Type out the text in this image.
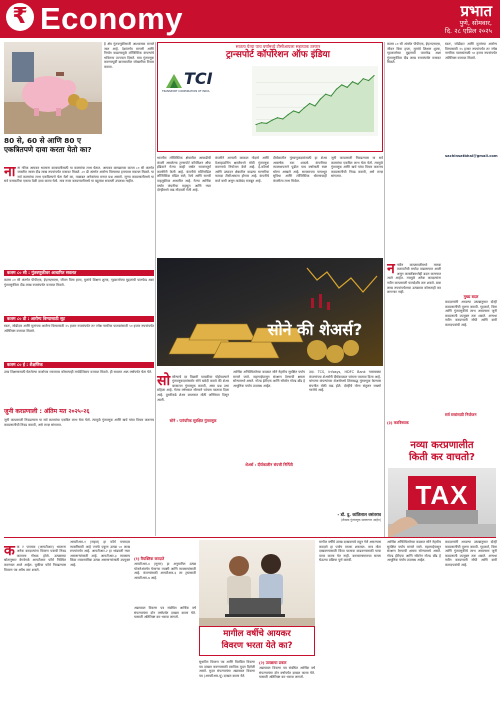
₹ Economy	प्रभात
पुणे, सोमवार,
दि. २८ एप्रिल २०२५
हे क्षेत्र गुंतवणुकीसाठी आश्वासक मानले जात आहे. देशांतर्गत मागणी आणि निर्यात वाढल्यामुळे लॉजिस्टिक कंपन्यांचे भवितव्य उज्ज्वल दिसते. मात्र गुंतवणूक करण्यापूर्वी बाजारातील जोखमींचा विचार करावा.
80 से, 60 से आणि 80 ए
एकत्रितपणे दावा करता येतो का?

नाना गरिक आयकर भरताना करबचतीसाठी या कलमांचा लाभ घेतात. आयकर कायद्याच्या कलम ८० सी अंतर्गत जास्तीत जास्त दीड लाख रुपयांपर्यंत वजावट मिळते. ८० डी अंतर्गत आरोग्य विम्याच्या हप्त्यावर सवलत मिळते. या सर्व कलमांचा लाभ एकत्रितपणे घेता येतो का, याबाबत अनेकांच्या मनात प्रश्न असतो. जुन्या करप्रणालीमध्ये या सर्व वजावटींचा एकाच वेळी दावा करता येतो. मात्र नव्या करप्रणालीमध्ये या बहुतांश सवलती उपलब्ध नाहीत.

कलम ८० सी : गुंतवणुकीवर आधारित सवलत
कलम ८० सी अंतर्गत पीपीएफ, ईएलएसएस, जीवन विमा हप्ता, मुलांचे शिक्षण शुल्क, गृहकर्जाच्या मुद्दलाची परतफेड अशा गुंतवणुकींवर दीड लाख रुपयांपर्यंत वजावट मिळते.
कलम ८० डी : आरोग्य विम्यासाठी सूट
स्वतः, जोडीदार आणि मुलांच्या आरोग्य विम्यासाठी २५ हजार रुपयांपर्यंत तर ज्येष्ठ नागरिक पालकांसाठी ५० हजार रुपयांपर्यंत अतिरिक्त वजावट मिळते.
कलम ८० ई : शैक्षणिक
उच्च शिक्षणासाठी घेतलेल्या कर्जाच्या व्याजावर कोणत्याही मर्यादेशिवाय वजावट मिळते. ही सवलत आठ वर्षांपर्यंत घेता येते.
जुनी करप्रणाली : अंतिम मत २०२५-२६
जुनी करप्रणाली निवडल्यास या सर्व कलमांचा एकत्रित लाभ घेता येतो. त्यामुळे गुंतवणूक आणि खर्च यांचा विचार करूनच करप्रणालीची निवड करावी, असे तज्ज्ञ सांगतात.
सातत्य येत्या पाच वर्षांमध्ये टीसीआयला सहाय्यक ठरणार
ट्रान्सपोर्ट कॉर्पोरेशन ऑफ इंडिया
TCI
TRANSPORT CORPORATION OF INDIA
भारतीय लॉजिस्टिक क्षेत्रातील आघाडीची कंपनी असलेल्या ट्रान्सपोर्ट कॉर्पोरेशन ऑफ इंडियाने गेल्या काही वर्षांत सातत्यपूर्ण कामगिरी केली आहे. कंपनीचे मल्टिमॉडेल लॉजिस्टिक मॉडेल रस्ते, रेल्वे आणि सागरी वाहतुकीवर आधारित आहे. गेल्या आर्थिक वर्षात कंपनीचा महसूल आणि नफा दोन्हीमध्ये वाढ नोंदवली गेली आहे.
कंपनीने आगामी काळात गोदामे आणि वेअरहाउसिंग क्षमतेमध्ये मोठी गुंतवणूक करण्याचे नियोजन केले आहे. ई-कॉमर्स आणि उत्पादन क्षेत्रातील वाढत्या मागणीचा फायदा टीसीआयला होणार आहे. कंपनीचे कर्ज कमी असून ताळेबंद मजबूत आहे.
दीर्घकालीन गुंतवणूकदारांसाठी हा शेअर आकर्षक ठरू शकतो. कंपनीच्या व्यवस्थापनाने पुढील पाच वर्षांसाठी स्पष्ट धोरण आखले आहे. सरकारच्या पायाभूत सुविधा आणि लॉजिस्टिक धोरणाचाही कंपनीला लाभ मिळेल.
जुनी करप्रणाली निवडल्यास या सर्व कलमांचा एकत्रित लाभ घेता येतो. त्यामुळे गुंतवणूक आणि खर्च यांचा विचार करूनच करप्रणालीची निवड करावी, असे तज्ज्ञ सांगतात.
कलम ८० सी अंतर्गत पीपीएफ, ईएलएसएस, जीवन विमा हप्ता, मुलांचे शिक्षण शुल्क, गृहकर्जाच्या मुद्दलाची परतफेड अशा गुंतवणुकींवर दीड लाख रुपयांपर्यंत वजावट मिळते.
स्वतः, जोडीदार आणि मुलांच्या आरोग्य विम्यासाठी २५ हजार रुपयांपर्यंत तर ज्येष्ठ नागरिक पालकांसाठी ५० हजार रुपयांपर्यंत अतिरिक्त वजावट मिळते.
sachinsatbhai@gmail.com
सोने की शेअर्स?

सोसोन्याचे दर विक्रमी पातळीवर पोहोचल्याने गुंतवणूकदारांसमोर सोने खरेदी करावे की शेअर बाजारात गुंतवणूक करावी, असा प्रश्न उभा राहिला आहे. गेल्या वर्षभरात सोन्याने चांगला परतावा दिला आहे. दुसरीकडे शेअर बाजारात मोठी अस्थिरता दिसून आली.

सोने : पारंपरिक सुरक्षित गुंतवणूक
आर्थिक अनिश्चिततेच्या काळात सोने नेहमीच सुरक्षित पर्याय मानले जाते. महागाईपासून संरक्षण देण्याची क्षमता सोन्यामध्ये असते. गोल्ड ईटीएफ आणि सॉवरेन गोल्ड बाँड हे आधुनिक पर्याय उपलब्ध आहेत.
शेअर्स : दीर्घकालीन संपत्ती निर्मिती
उदा. TCS, Infosys, HDFC Bank यासारख्या कंपन्यांच्या शेअर्सनी दीर्घकाळात चांगला परतावा दिला आहे. चांगल्या कंपन्यांच्या शेअर्समध्ये शिस्तबद्ध गुंतवणूक केल्यास संपत्तीत मोठी वाढ होते. दोन्हींचे योग्य संतुलन राखणे गरजेचे आहे.
- डॉ. दु. कांतिलाल वसंतराव
(लेखक गुंतवणूक सल्लागार आहेत)

ननवीन करप्रणालीमध्ये मानक वजावटीची मर्यादा वाढवण्यात आली असून करस्लॅबमध्येही बदल करण्यात आले आहेत. त्यामुळे अनेक करदात्यांना नवीन करप्रणाली फायदेशीर ठरू शकते. बारा लाख रुपयांपर्यंतच्या उत्पन्नावर कोणताही कर लागणार नाही.

मुख्य बदल
करदात्यांनी आपल्या उत्पन्नानुसार दोन्ही करप्रणालींची तुलना करावी. गृहकर्ज, विमा आणि गुंतवणुकीचे लाभ असल्यास जुनी करप्रणाली उपयुक्त ठरू शकते. अन्यथा नवीन करप्रणाली सोपी आणि कमी कागदपत्रांची आहे.
(३) करविषयक
सर्व स्तरांसाठी नियोजन
नव्या करप्रणालीत
किती कर वाचतो?
TAX

कक र परतावा (आयटीआर) भरताना अनेक करदात्यांना विवरण पत्राची निवड करताना गोंधळ होतो. उत्पन्नाच्या स्रोतानुसार वेगवेगळे आयटीआर फॉर्म निश्चित करण्यात आले आहेत. चुकीचा फॉर्म निवडल्यास विवरण पत्र अवैध ठरू शकते.

आयटीआर-१ (सहज) हा फॉर्म पगारदार व्यक्तींसाठी आहे ज्यांचे एकूण उत्पन्न ५० लाख रुपयांपर्यंत आहे. आयटीआर-२ हा भांडवली नफा असणाऱ्यांसाठी आहे. आयटीआर-३ व्यवसाय किंवा व्यावसायिक उत्पन्न असणाऱ्यांसाठी उपयुक्त आहे.
(१) वैयक्तिक करदाते
आयटीआर-४ (सुगम) हा अनुमानित उत्पन्न योजनेअंतर्गत येणाऱ्या व्यक्ती आणि व्यवसायांसाठी आहे. कंपन्यांसाठी आयटीआर-६ तर ट्रस्टसाठी आयटीआर-७ आहे.
अद्ययावत विवरण पत्र संबंधित आर्थिक वर्ष संपल्यानंतर दोन वर्षांपर्यंत दाखल करता येते. यासाठी अतिरिक्त कर भरावा लागतो.
मागील वर्षीचे आयकर
विवरण भरता येते का?
सुधारित विवरण पत्र आणि विलंबित विवरण पत्र दाखल करण्यासाठी ठराविक मुदत दिलेली असते. मुदत संपल्यानंतर अद्ययावत विवरण पत्र (आयटीआर-यू) दाखल करता येते.
(२) उत्पन्नाचा प्रकार
अद्ययावत विवरण पत्र संबंधित आर्थिक वर्ष संपल्यानंतर दोन वर्षांपर्यंत दाखल करता येते. यासाठी अतिरिक्त कर भरावा लागतो.
मागील वर्षीचे उत्पन्न दाखवायचे राहून गेले असल्यास करदाते हा पर्याय वापरू शकतात. मात्र तोटा दाखवण्यासाठी किंवा परतावा वाढवण्यासाठी याचा वापर करता येत नाही. करसल्लागाराचा सल्ला घेऊनच प्रक्रिया पूर्ण करावी.
आर्थिक अनिश्चिततेच्या काळात सोने नेहमीच सुरक्षित पर्याय मानले जाते. महागाईपासून संरक्षण देण्याची क्षमता सोन्यामध्ये असते. गोल्ड ईटीएफ आणि सॉवरेन गोल्ड बाँड हे आधुनिक पर्याय उपलब्ध आहेत.
करदात्यांनी आपल्या उत्पन्नानुसार दोन्ही करप्रणालींची तुलना करावी. गृहकर्ज, विमा आणि गुंतवणुकीचे लाभ असल्यास जुनी करप्रणाली उपयुक्त ठरू शकते. अन्यथा नवीन करप्रणाली सोपी आणि कमी कागदपत्रांची आहे.
